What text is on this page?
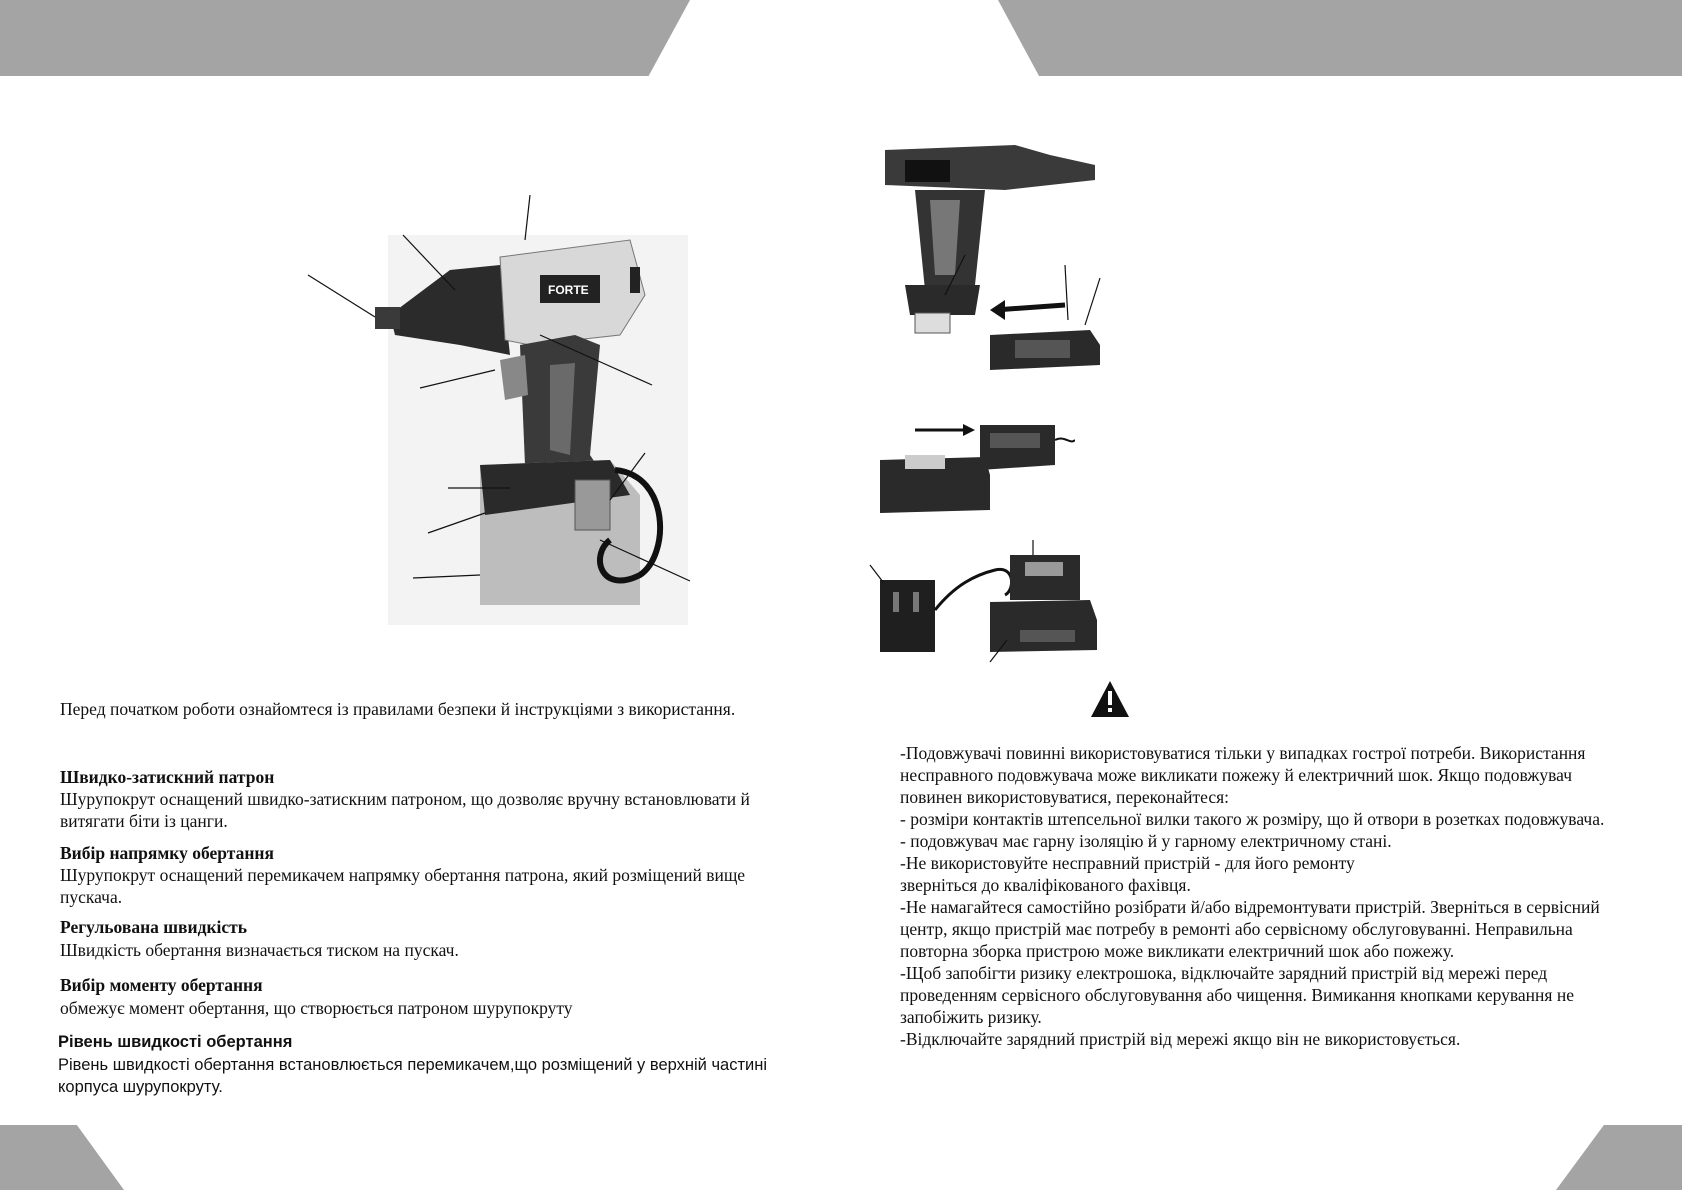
FORTE
Перед початком роботи ознайомтеся із правилами безпеки й інструкціями з використання.
Швидко-затискний патрон
Шурупокрут оснащений швидко-затискним патроном, що дозволяє вручну встановлювати й витягати біти із цанги.
Вибір напрямку обертання
Шурупокрут оснащений перемикачем напрямку обертання патрона, який розміщений вище пускача.
Регульована швидкість
Швидкість обертання визначається тиском на пускач.
Вибір моменту обертання
обмежує момент обертання, що створюється патроном шурупокруту
Рівень швидкості обертання
Рівень швидкості обертання встановлюється перемикачем,що розміщений у верхній частині корпуса шурупокруту.
-Подовжувачі повинні використовуватися тільки у випадках гострої потреби. Використання несправного подовжувача може викликати пожежу й електричний шок. Якщо подовжувач повинен використовуватися, переконайтеся:
- розміри контактів штепсельної вилки такого ж розміру, що й отвори в розетках подовжувача.
- подовжувач має гарну ізоляцію й у гарному електричному стані.
-Не використовуйте несправний пристрій - для його ремонту
звернiться до кваліфікованого фахівця.
-Не намагайтеся самостійно розібрати й/або відремонтувати пристрій. Зверніться в сервісний центр, якщо пристрій має потребу в ремонті або сервісному обслуговуванні. Неправильна повторна зборка пристрою може викликати електричний шок або пожежу.
-Щоб запобігти ризику електрошока, відключайте зарядний пристрій від мережі перед проведенням сервісного обслуговування або чищення. Вимикання кнопками керування не запобіжить ризику.
-Відключайте зарядний пристрій від мережі якщо він не використовується.
